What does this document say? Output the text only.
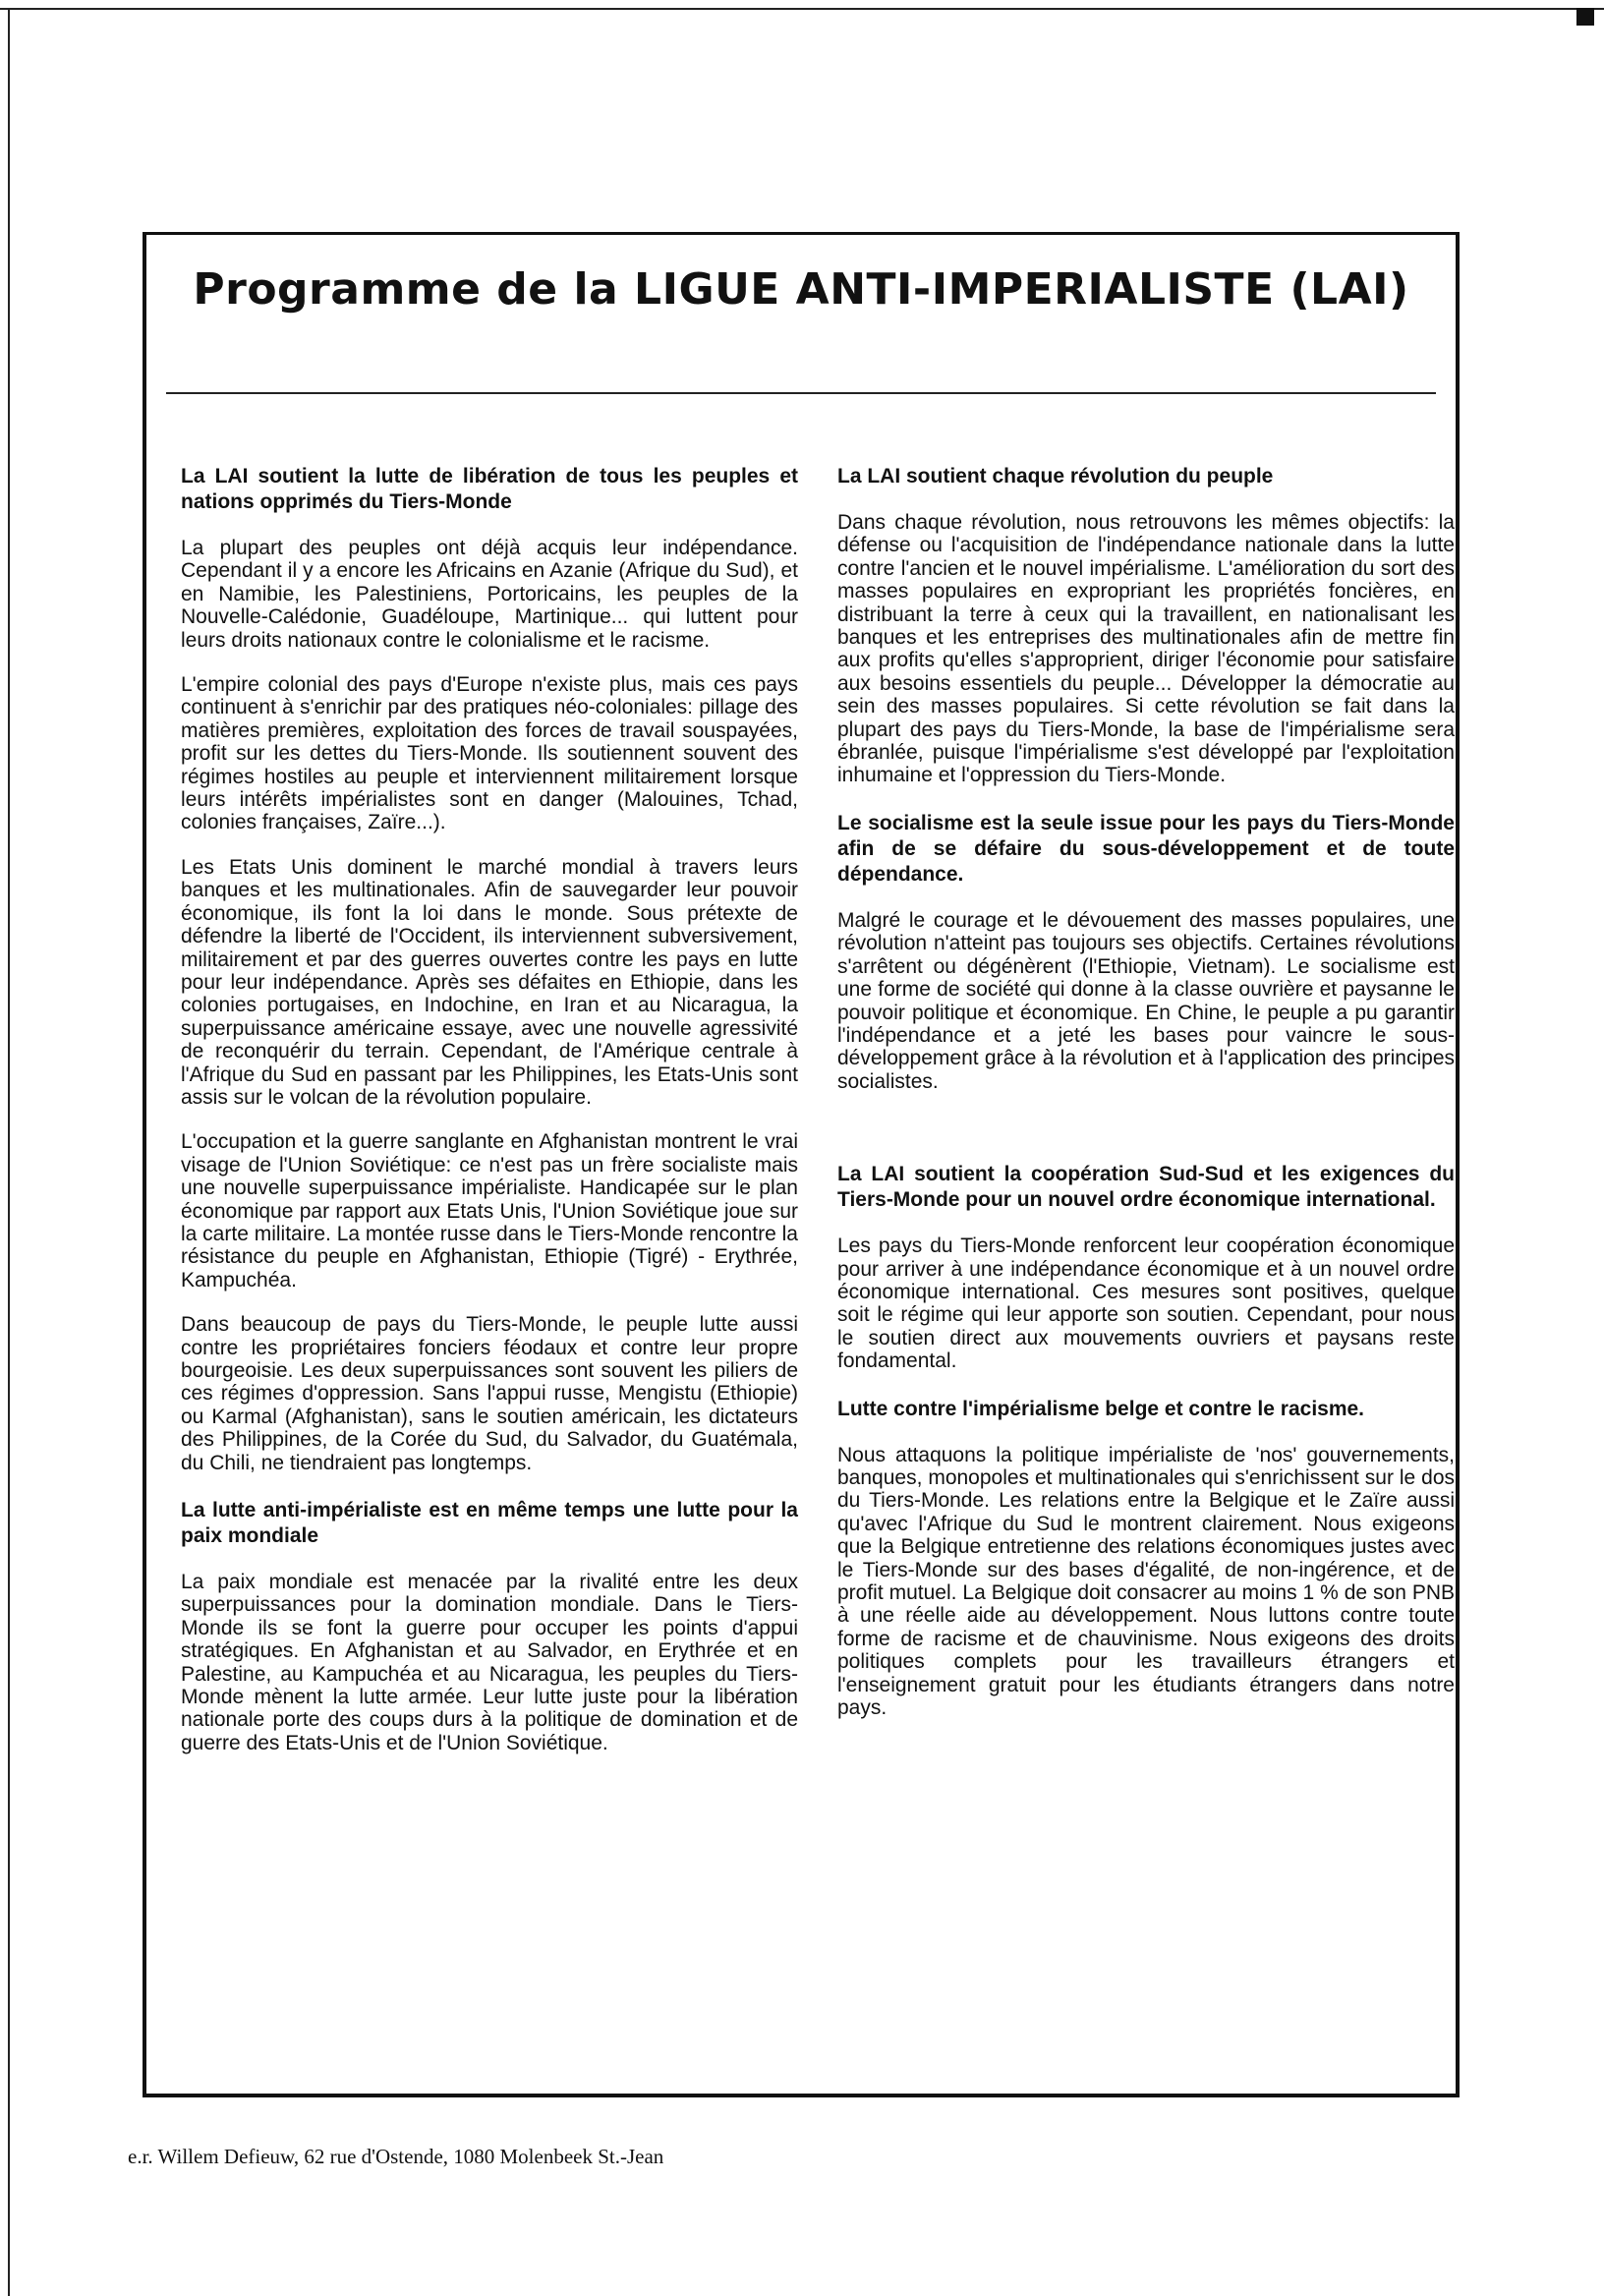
Programme de la LIGUE ANTI-IMPERIALISTE (LAI)

La LAI soutient la lutte de libération de tous les peuples et nations opprimés du Tiers-Monde

La plupart des peuples ont déjà acquis leur indépendance. Cependant il y a encore les Africains en Azanie (Afrique du Sud), et en Namibie, les Palestiniens, Portoricains, les peuples de la Nouvelle-Calédonie, Guadéloupe, Martinique... qui luttent pour leurs droits nationaux contre le colonialisme et le racisme.

L'empire colonial des pays d'Europe n'existe plus, mais ces pays continuent à s'enrichir par des pratiques néo-coloniales: pillage des matières premières, exploitation des forces de travail souspayées, profit sur les dettes du Tiers-Monde. Ils soutiennent souvent des régimes hostiles au peuple et interviennent militairement lorsque leurs intérêts impérialistes sont en danger (Malouines, Tchad, colonies françaises, Zaïre...).

Les Etats Unis dominent le marché mondial à travers leurs banques et les multinationales. Afin de sauvegarder leur pouvoir économique, ils font la loi dans le monde. Sous prétexte de défendre la liberté de l'Occident, ils interviennent subversivement, militairement et par des guerres ouvertes contre les pays en lutte pour leur indépendance. Après ses défaites en Ethiopie, dans les colonies portugaises, en Indochine, en Iran et au Nicaragua, la superpuissance américaine essaye, avec une nouvelle agressivité de reconquérir du terrain. Cependant, de l'Amérique centrale à l'Afrique du Sud en passant par les Philippines, les Etats-Unis sont assis sur le volcan de la révolution populaire.

L'occupation et la guerre sanglante en Afghanistan montrent le vrai visage de l'Union Soviétique: ce n'est pas un frère socialiste mais une nouvelle superpuissance impérialiste. Handicapée sur le plan économique par rapport aux Etats Unis, l'Union Soviétique joue sur la carte militaire. La montée russe dans le Tiers-Monde rencontre la résistance du peuple en Afghanistan, Ethiopie (Tigré) - Erythrée, Kampuchéa.

Dans beaucoup de pays du Tiers-Monde, le peuple lutte aussi contre les propriétaires fonciers féodaux et contre leur propre bourgeoisie. Les deux superpuissances sont souvent les piliers de ces régimes d'oppression. Sans l'appui russe, Mengistu (Ethiopie) ou Karmal (Afghanistan), sans le soutien américain, les dictateurs des Philippines, de la Corée du Sud, du Salvador, du Guatémala, du Chili, ne tiendraient pas longtemps.

La lutte anti-impérialiste est en même temps une lutte pour la paix mondiale

La paix mondiale est menacée par la rivalité entre les deux superpuissances pour la domination mondiale. Dans le Tiers-Monde ils se font la guerre pour occuper les points d'appui stratégiques. En Afghanistan et au Salvador, en Erythrée et en Palestine, au Kampuchéa et au Nicaragua, les peuples du Tiers-Monde mènent la lutte armée. Leur lutte juste pour la libération nationale porte des coups durs à la politique de domination et de guerre des Etats-Unis et de l'Union Soviétique.

La LAI soutient chaque révolution du peuple

Dans chaque révolution, nous retrouvons les mêmes objectifs: la défense ou l'acquisition de l'indépendance nationale dans la lutte contre l'ancien et le nouvel impérialisme. L'amélioration du sort des masses populaires en expropriant les propriétés foncières, en distribuant la terre à ceux qui la travaillent, en nationalisant les banques et les entreprises des multinationales afin de mettre fin aux profits qu'elles s'approprient, diriger l'économie pour satisfaire aux besoins essentiels du peuple... Développer la démocratie au sein des masses populaires. Si cette révolution se fait dans la plupart des pays du Tiers-Monde, la base de l'impérialisme sera ébranlée, puisque l'impérialisme s'est développé par l'exploitation inhumaine et l'oppression du Tiers-Monde.

Le socialisme est la seule issue pour les pays du Tiers-Monde afin de se défaire du sous-développement et de toute dépendance.

Malgré le courage et le dévouement des masses populaires, une révolution n'atteint pas toujours ses objectifs. Certaines révolutions s'arrêtent ou dégénèrent (l'Ethiopie, Vietnam). Le socialisme est une forme de société qui donne à la classe ouvrière et paysanne le pouvoir politique et économique. En Chine, le peuple a pu garantir l'indépendance et a jeté les bases pour vaincre le sous-développement grâce à la révolution et à l'application des principes socialistes.

La LAI soutient la coopération Sud-Sud et les exigences du Tiers-Monde pour un nouvel ordre économique international.

Les pays du Tiers-Monde renforcent leur coopération économique pour arriver à une indépendance économique et à un nouvel ordre économique international. Ces mesures sont positives, quelque soit le régime qui leur apporte son soutien. Cependant, pour nous le soutien direct aux mouvements ouvriers et paysans reste fondamental.

Lutte contre l'impérialisme belge et contre le racisme.

Nous attaquons la politique impérialiste de 'nos' gouvernements, banques, monopoles et multinationales qui s'enrichissent sur le dos du Tiers-Monde. Les relations entre la Belgique et le Zaïre aussi qu'avec l'Afrique du Sud le montrent clairement. Nous exigeons que la Belgique entretienne des relations économiques justes avec le Tiers-Monde sur des bases d'égalité, de non-ingérence, et de profit mutuel. La Belgique doit consacrer au moins 1 % de son PNB à une réelle aide au développement. Nous luttons contre toute forme de racisme et de chauvinisme. Nous exigeons des droits politiques complets pour les travailleurs étrangers et l'enseignement gratuit pour les étudiants étrangers dans notre pays.

e.r. Willem Defieuw, 62 rue d'Ostende, 1080 Molenbeek St.-Jean
